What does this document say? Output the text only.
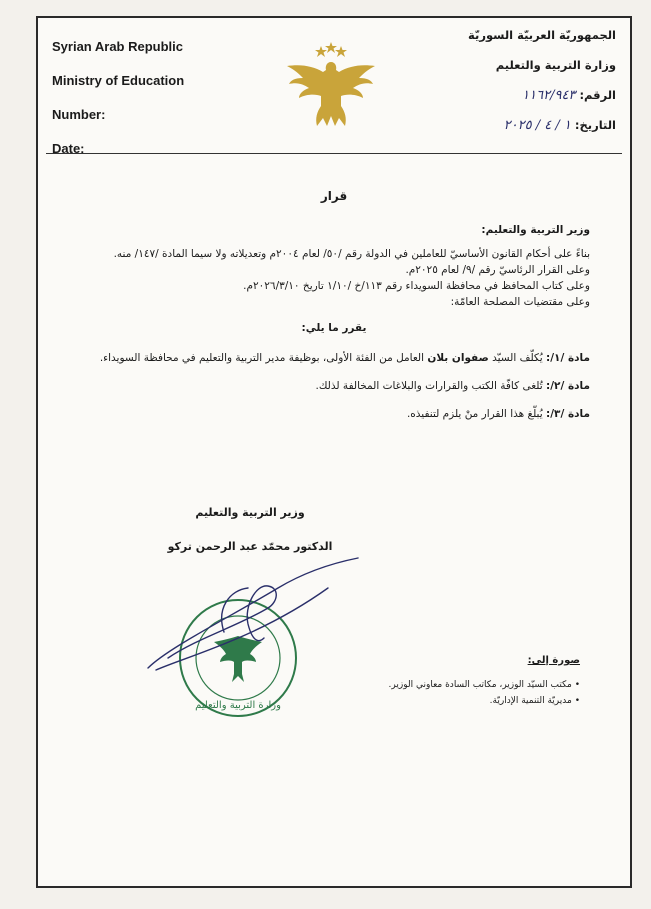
Syrian Arab Republic
Ministry of Education
Number:
Date:
الجمهوريّة العربيّة السوريّة
وزارة التربية والتعليم
الرقم: ١١٦٢/٩٤٣
التاريخ: ١ / ٤ / ٢٠٢٥
قرار

وزير التربية والتعليم:

بناءً على أحكام القانون الأساسيّ للعاملين في الدولة رقم /٥٠/ لعام ٢٠٠٤م وتعديلاته ولا سيما المادة /١٤٧/ منه.

وعلى القرار الرئاسيّ رقم /٩/ لعام ٢٠٢٥م.

وعلى كتاب المحافظ في محافظة السويداء رقم ١١٣/خ /١/١٠ تاريخ ٢٠٢٦/٣/١٠م.

وعلى مقتضيات المصلحة العامّة:

يقرر ما يلي:

مادة /١/: يُكلّف السيّد صفوان بلان العامل من الفئة الأولى، بوظيفة مدير التربية والتعليم في محافظة السويداء.

مادة /٢/: تُلغى كافّة الكتب والقرارات والبلاغات المخالفة لذلك.

مادة /٣/: يُبلّغ هذا القرار منْ يلزم لتنفيذه.

وزير التربية والتعليم
الدكتور محمّد عبد الرحمن تركو
وزارة التربية والتعليم
صورة إلى:
• مكتب السيّد الوزير، مكاتب السادة معاوني الوزير.
• مديريّة التنمية الإداريّة.
